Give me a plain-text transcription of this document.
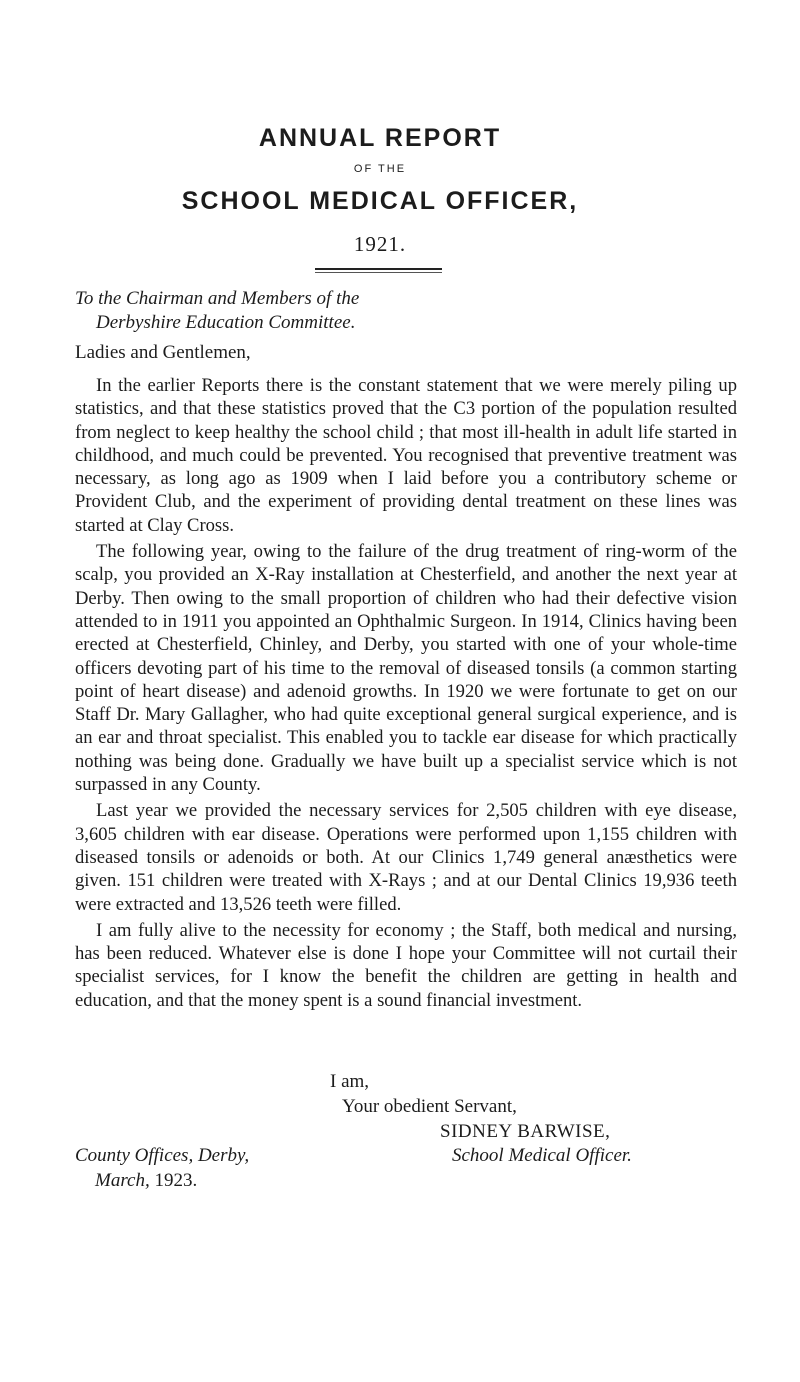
ANNUAL REPORT
OF THE
SCHOOL MEDICAL OFFICER,
1921.
To the Chairman and Members of the
Derbyshire Education Committee.
Ladies and Gentlemen,

In the earlier Reports there is the constant statement that we were merely piling up statistics, and that these statistics proved that the C3 portion of the population resulted from neglect to keep healthy the school child ; that most ill-health in adult life started in childhood, and much could be prevented. You recognised that preventive treatment was necessary, as long ago as 1909 when I laid before you a contributory scheme or Provident Club, and the experiment of providing dental treatment on these lines was started at Clay Cross.

The following year, owing to the failure of the drug treatment of ring-worm of the scalp, you provided an X-Ray installation at Chesterfield, and another the next year at Derby. Then owing to the small proportion of children who had their defective vision attended to in 1911 you appointed an Ophthalmic Surgeon. In 1914, Clinics having been erected at Chesterfield, Chinley, and Derby, you started with one of your whole-time officers devoting part of his time to the removal of diseased tonsils (a common starting point of heart disease) and adenoid growths. In 1920 we were fortunate to get on our Staff Dr. Mary Gallagher, who had quite exceptional general surgical experience, and is an ear and throat specialist. This enabled you to tackle ear disease for which practically nothing was being done. Gradually we have built up a specialist service which is not surpassed in any County.

Last year we provided the necessary services for 2,505 children with eye disease, 3,605 children with ear disease. Operations were performed upon 1,155 children with diseased tonsils or adenoids or both. At our Clinics 1,749 general anæsthetics were given. 151 children were treated with X-Rays ; and at our Dental Clinics 19,936 teeth were extracted and 13,526 teeth were filled.

I am fully alive to the necessity for economy ; the Staff, both medical and nursing, has been reduced. Whatever else is done I hope your Committee will not curtail their specialist services, for I know the benefit the children are getting in health and education, and that the money spent is a sound financial investment.

I am,
Your obedient Servant,
SIDNEY BARWISE,
School Medical Officer.
County Offices, Derby,
March, 1923.
